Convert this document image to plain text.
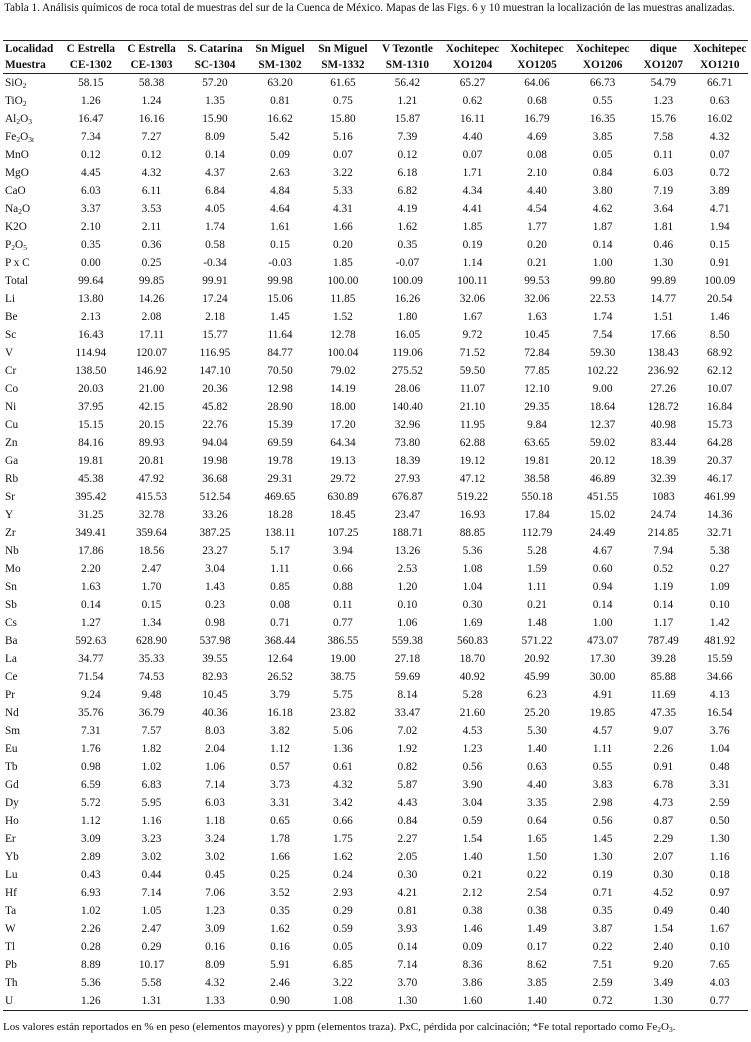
Tabla 1. Análisis químicos de roca total de muestras del sur de la Cuenca de México. Mapas de las Figs. 6 y 10 muestran la localización de las muestras analizadas.
Localidad	C Estrella	C Estrella	S. Catarina	Sn Miguel	Sn Miguel	V Tezontle	Xochitepec	Xochitepec	Xochitepec	dique	Xochitepec
Muestra	CE-1302	CE-1303	SC-1304	SM-1302	SM-1332	SM-1310	XO1204	XO1205	XO1206	XO1207	XO1210
SiO$_2$	58.15	58.38	57.20	63.20	61.65	56.42	65.27	64.06	66.73	54.79	66.71
TiO$_2$	1.26	1.24	1.35	0.81	0.75	1.21	0.62	0.68	0.55	1.23	0.63
$Al_2O_3$	16.47	16.16	15.90	16.62	15.80	15.87	16.11	16.79	16.35	15.76	16.02
$Fe_2O_{3t}$	7.34	7.27	8.09	5.42	5.16	7.39	4.40	4.69	3.85	7.58	4.32
MnO	0.12	0.12	0.14	0.09	0.07	0.12	0.07	0.08	0.05	0.11	0.07
MgO	4.45	4.32	4.37	2.63	3.22	6.18	1.71	2.10	0.84	6.03	0.72
CaO	6.03	6.11	6.84	4.84	5.33	6.82	4.34	4.40	3.80	7.19	3.89
$Na_2O$	3.37	3.53	4.05	4.64	4.31	4.19	4.41	4.54	4.62	3.64	4.71
K2O	2.10	2.11	1.74	1.61	1.66	1.62	1.85	1.77	1.87	1.81	1.94
$P_2O_5$	0.35	0.36	0.58	0.15	0.20	0.35	0.19	0.20	0.14	0.46	0.15
P x C	0.00	0.25	-0.34	-0.03	1.85	-0.07	1.14	0.21	1.00	1.30	0.91
Total	99.64	99.85	99.91	99.98	100.00	100.09	100.11	99.53	99.80	99.89	100.09
Li	13.80	14.26	17.24	15.06	11.85	16.26	32.06	32.06	22.53	14.77	20.54
Be	2.13	2.08	2.18	1.45	1.52	1.80	1.67	1.63	1.74	1.51	1.46
Sc	16.43	17.11	15.77	11.64	12.78	16.05	9.72	10.45	7.54	17.66	8.50
V	114.94	120.07	116.95	84.77	100.04	119.06	71.52	72.84	59.30	138.43	68.92
Cr	138.50	146.92	147.10	70.50	79.02	275.52	59.50	77.85	102.22	236.92	62.12
Co	20.03	21.00	20.36	12.98	14.19	28.06	11.07	12.10	9.00	27.26	10.07
Ni	37.95	42.15	45.82	28.90	18.00	140.40	21.10	29.35	18.64	128.72	16.84
Cu	15.15	20.15	22.76	15.39	17.20	32.96	11.95	9.84	12.37	40.98	15.73
Zn	84.16	89.93	94.04	69.59	64.34	73.80	62.88	63.65	59.02	83.44	64.28
Ga	19.81	20.81	19.98	19.78	19.13	18.39	19.12	19.81	20.12	18.39	20.37
Rb	45.38	47.92	36.68	29.31	29.72	27.93	47.12	38.58	46.89	32.39	46.17
Sr	395.42	415.53	512.54	469.65	630.89	676.87	519.22	550.18	451.55	1083	461.99
Y	31.25	32.78	33.26	18.28	18.45	23.47	16.93	17.84	15.02	24.74	14.36
Zr	349.41	359.64	387.25	138.11	107.25	188.71	88.85	112.79	24.49	214.85	32.71
Nb	17.86	18.56	23.27	5.17	3.94	13.26	5.36	5.28	4.67	7.94	5.38
Mo	2.20	2.47	3.04	1.11	0.66	2.53	1.08	1.59	0.60	0.52	0.27
Sn	1.63	1.70	1.43	0.85	0.88	1.20	1.04	1.11	0.94	1.19	1.09
Sb	0.14	0.15	0.23	0.08	0.11	0.10	0.30	0.21	0.14	0.14	0.10
Cs	1.27	1.34	0.98	0.71	0.77	1.06	1.69	1.48	1.00	1.17	1.42
Ba	592.63	628.90	537.98	368.44	386.55	559.38	560.83	571.22	473.07	787.49	481.92
La	34.77	35.33	39.55	12.64	19.00	27.18	18.70	20.92	17.30	39.28	15.59
Ce	71.54	74.53	82.93	26.52	38.75	59.69	40.92	45.99	30.00	85.88	34.66
Pr	9.24	9.48	10.45	3.79	5.75	8.14	5.28	6.23	4.91	11.69	4.13
Nd	35.76	36.79	40.36	16.18	23.82	33.47	21.60	25.20	19.85	47.35	16.54
Sm	7.31	7.57	8.03	3.82	5.06	7.02	4.53	5.30	4.57	9.07	3.76
Eu	1.76	1.82	2.04	1.12	1.36	1.92	1.23	1.40	1.11	2.26	1.04
Tb	0.98	1.02	1.06	0.57	0.61	0.82	0.56	0.63	0.55	0.91	0.48
Gd	6.59	6.83	7.14	3.73	4.32	5.87	3.90	4.40	3.83	6.78	3.31
Dy	5.72	5.95	6.03	3.31	3.42	4.43	3.04	3.35	2.98	4.73	2.59
Ho	1.12	1.16	1.18	0.65	0.66	0.84	0.59	0.64	0.56	0.87	0.50
Er	3.09	3.23	3.24	1.78	1.75	2.27	1.54	1.65	1.45	2.29	1.30
Yb	2.89	3.02	3.02	1.66	1.62	2.05	1.40	1.50	1.30	2.07	1.16
Lu	0.43	0.44	0.45	0.25	0.24	0.30	0.21	0.22	0.19	0.30	0.18
Hf	6.93	7.14	7.06	3.52	2.93	4.21	2.12	2.54	0.71	4.52	0.97
Ta	1.02	1.05	1.23	0.35	0.29	0.81	0.38	0.38	0.35	0.49	0.40
W	2.26	2.47	3.09	1.62	0.59	3.93	1.46	1.49	3.87	1.54	1.67
Tl	0.28	0.29	0.16	0.16	0.05	0.14	0.09	0.17	0.22	2.40	0.10
Pb	8.89	10.17	8.09	5.91	6.85	7.14	8.36	8.62	7.51	9.20	7.65
Th	5.36	5.58	4.32	2.46	3.22	3.70	3.86	3.85	2.59	3.49	4.03
U	1.26	1.31	1.33	0.90	1.08	1.30	1.60	1.40	0.72	1.30	0.77
Los valores están reportados en % en peso (elementos mayores) y ppm (elementos traza). PxC, pérdida por calcinación; *Fe total reportado como $Fe_2O_3$.
